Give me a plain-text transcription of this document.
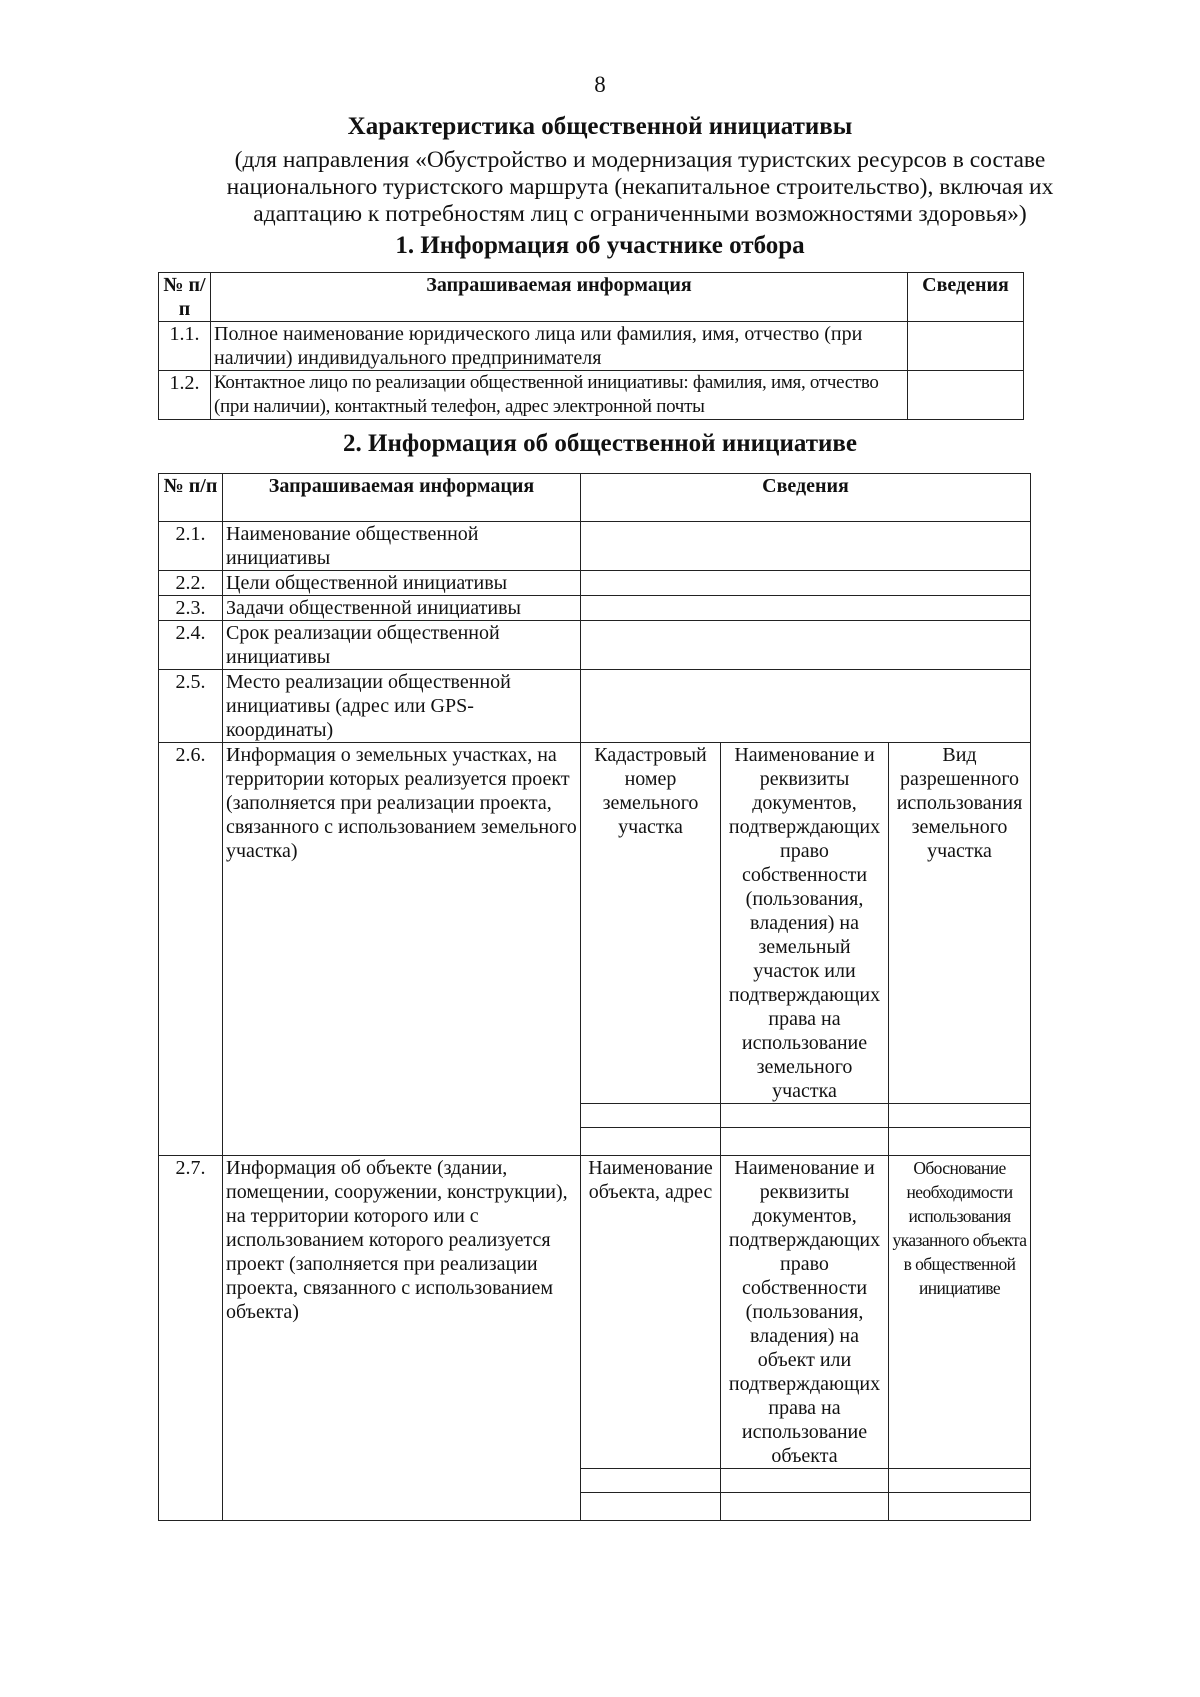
8
Характеристика общественной инициативы
(для направления «Обустройство и модернизация туристских ресурсов в составе национального туристского маршрута (некапитальное строительство), включая их адаптацию к потребностям лиц с ограниченными возможностями здоровья»)
1. Информация об участнике отбора
№ п/п	Запрашиваемая информация	Сведения
1.1.	Полное наименование юридического лица или фамилия, имя, отчество (при наличии) индивидуального предпринимателя	
1.2.	Контактное лицо по реализации общественной инициативы: фамилия, имя, отчество (при наличии), контактный телефон, адрес электронной почты	
2. Информация об общественной инициативе
№ п/п	Запрашиваемая информация	Сведения		
2.1.	Наименование общественной инициативы			
2.2.	Цели общественной инициативы			
2.3.	Задачи общественной инициативы			
2.4.	Срок реализации общественной инициативы			
2.5.	Место реализации общественной инициативы (адрес или GPS-координаты)			
2.6.	Информация о земельных участках, на территории которых реализуется проект (заполняется при реализации проекта, связанного с использованием земельного участка)	Кадастровый номер земельного участка	Наименование и реквизиты документов, подтверждающих право собственности (пользования, владения) на земельный участок или подтверждающих права на использование земельного участка	Вид разрешенного использования земельного участка

2.7.	Информация об объекте (здании, помещении, сооружении, конструкции), на территории которого или с использованием которого реализуется проект (заполняется при реализации проекта, связанного с использованием объекта)	Наименование объекта, адрес	Наименование и реквизиты документов, подтверждающих право собственности (пользования, владения) на объект или подтверждающих права на использование объекта	Обоснование необходимости использования указанного объекта в общественной инициативе
